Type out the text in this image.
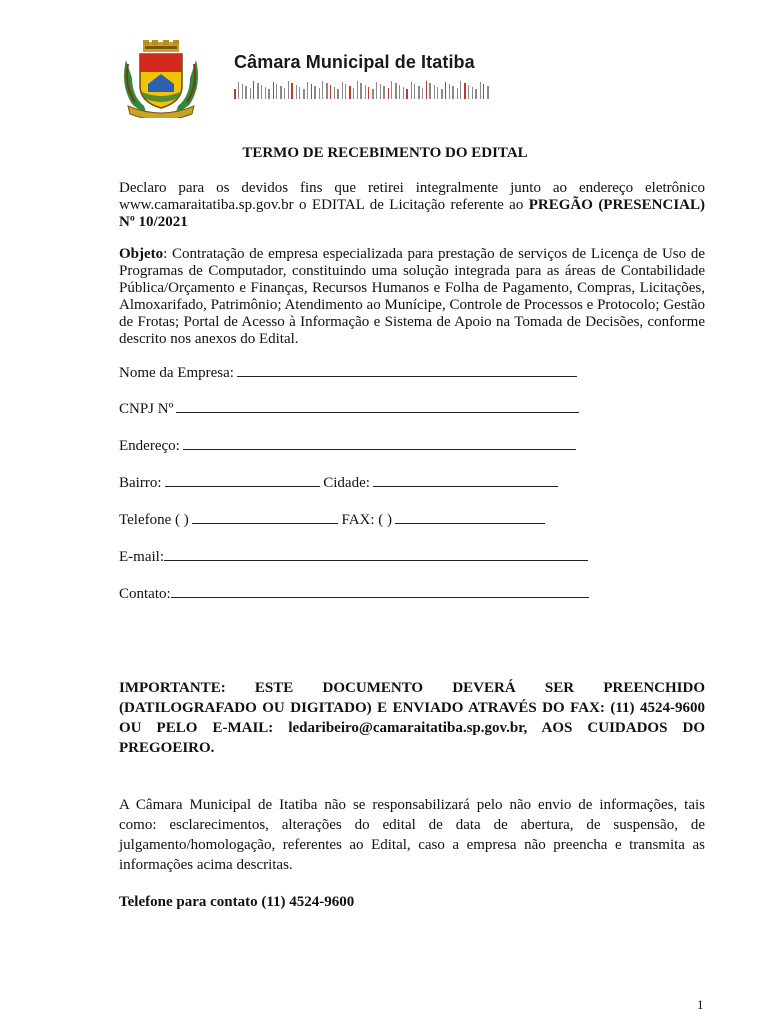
Câmara Municipal de Itatiba
TERMO DE RECEBIMENTO DO EDITAL
Declaro para os devidos fins que retirei integralmente junto ao endereço eletrônico www.camaraitatiba.sp.gov.br o EDITAL de Licitação referente ao PREGÃO (PRESENCIAL) Nº 10/2021
Objeto: Contratação de empresa especializada para prestação de serviços de Licença de Uso de Programas de Computador, constituindo uma solução integrada para as áreas de Contabilidade Pública/Orçamento e Finanças, Recursos Humanos e Folha de Pagamento, Compras, Licitações, Almoxarifado, Patrimônio; Atendimento ao Munícipe, Controle de Processos e Protocolo; Gestão de Frotas; Portal de Acesso à Informação e Sistema de Apoio na Tomada de Decisões, conforme descrito nos anexos do Edital.
Nome da Empresa:
CNPJ Nº
Endereço:
Bairro:	Cidade:
Telefone ( )	FAX: ( )
E-mail:
Contato:
IMPORTANTE: ESTE DOCUMENTO DEVERÁ SER PREENCHIDO (DATILOGRAFADO OU DIGITADO) E ENVIADO ATRAVÉS DO FAX: (11) 4524-9600 OU PELO E-MAIL: ledaribeiro@camaraitatiba.sp.gov.br, AOS CUIDADOS DO PREGOEIRO.
A Câmara Municipal de Itatiba não se responsabilizará pelo não envio de informações, tais como: esclarecimentos, alterações do edital de data de abertura, de suspensão, de julgamento/homologação, referentes ao Edital, caso a empresa não preencha e transmita as informações acima descritas.
Telefone para contato (11) 4524-9600
1
